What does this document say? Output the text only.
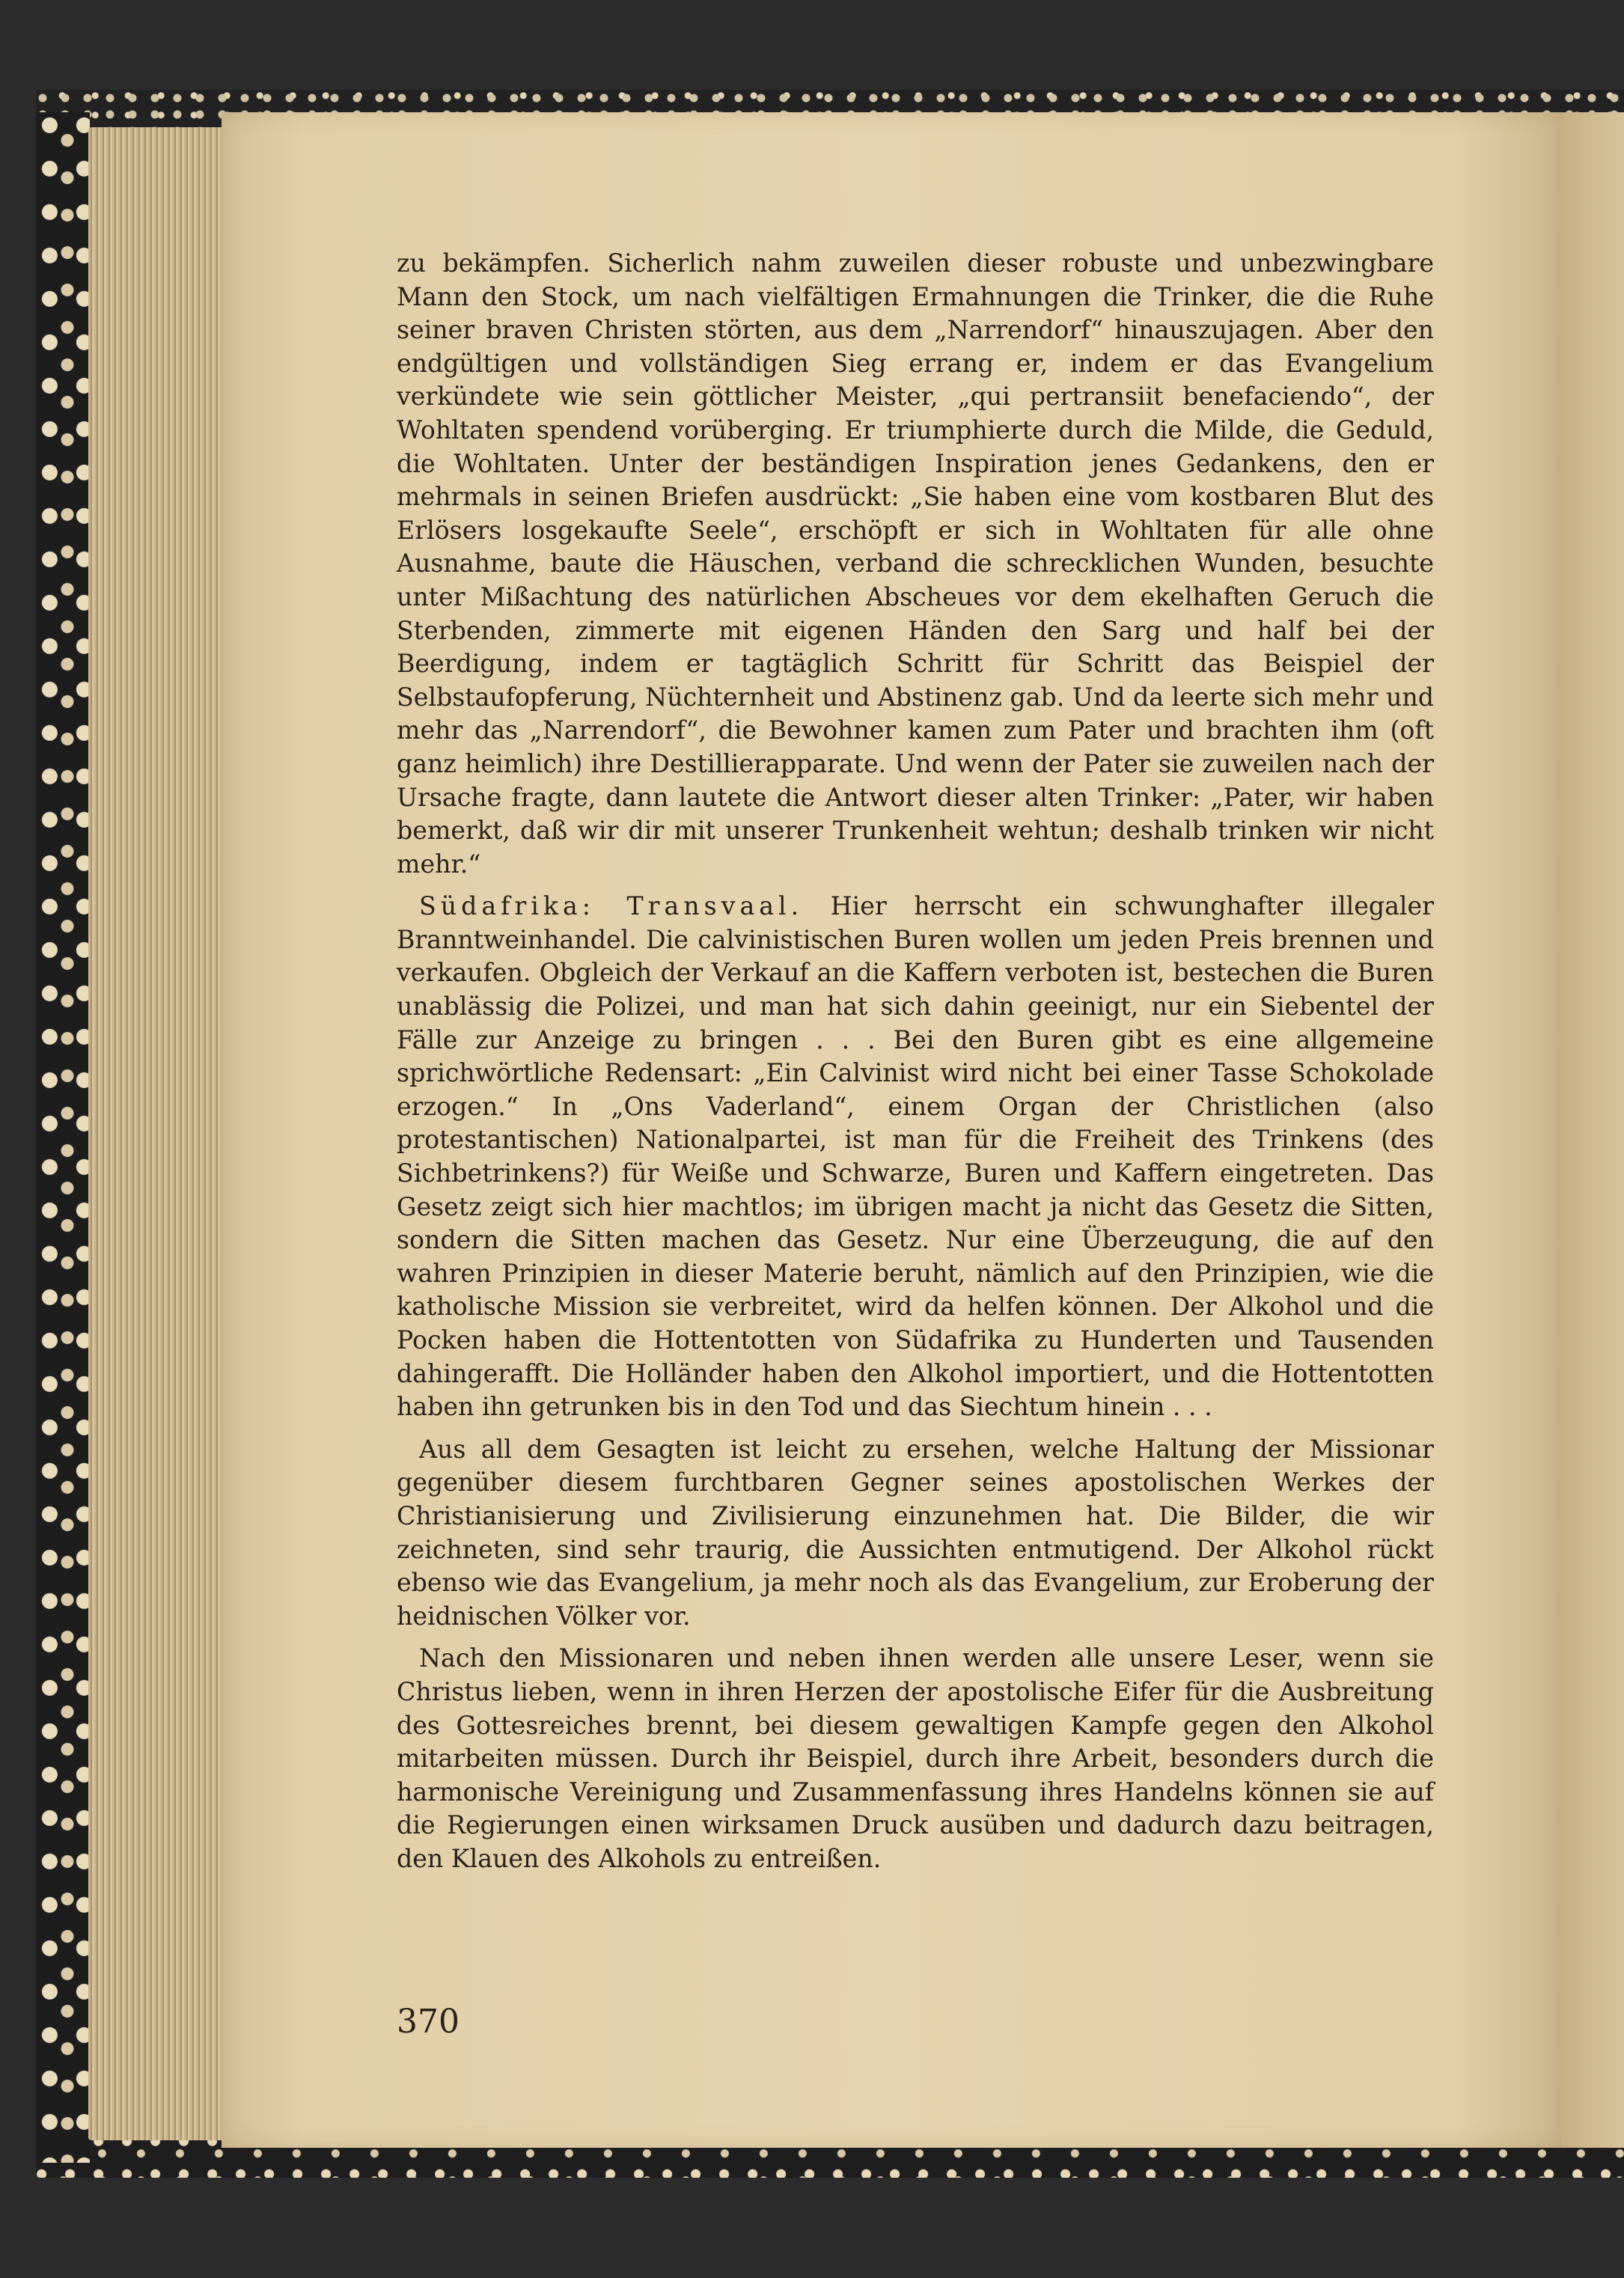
zu bekämpfen. Sicherlich nahm zuweilen dieser robuste und unbezwingbare Mann den Stock, um nach vielfältigen Ermahnungen die Trinker, die die Ruhe seiner braven Christen störten, aus dem „Narrendorf“ hinauszujagen. Aber den endgültigen und vollständigen Sieg errang er, indem er das Evangelium verkündete wie sein göttlicher Meister, „qui pertransiit benefaciendo“, der Wohltaten spendend vorüberging. Er triumphierte durch die Milde, die Geduld, die Wohltaten. Unter der beständigen Inspiration jenes Gedankens, den er mehrmals in seinen Briefen ausdrückt: „Sie haben eine vom kostbaren Blut des Erlösers losgekaufte Seele“, erschöpft er sich in Wohltaten für alle ohne Ausnahme, baute die Häuschen, verband die schrecklichen Wunden, besuchte unter Mißachtung des natürlichen Abscheues vor dem ekelhaften Geruch die Sterbenden, zimmerte mit eigenen Händen den Sarg und half bei der Beerdigung, indem er tagtäglich Schritt für Schritt das Beispiel der Selbstaufopferung, Nüchternheit und Abstinenz gab. Und da leerte sich mehr und mehr das „Narrendorf“, die Bewohner kamen zum Pater und brachten ihm (oft ganz heimlich) ihre Destillierapparate. Und wenn der Pater sie zuweilen nach der Ursache fragte, dann lautete die Antwort dieser alten Trinker: „Pater, wir haben bemerkt, daß wir dir mit unserer Trunkenheit wehtun; deshalb trinken wir nicht mehr.“

Südafrika: Transvaal. Hier herrscht ein schwunghafter illegaler Branntweinhandel. Die calvinistischen Buren wollen um jeden Preis brennen und verkaufen. Obgleich der Verkauf an die Kaffern verboten ist, bestechen die Buren unablässig die Polizei, und man hat sich dahin geeinigt, nur ein Siebentel der Fälle zur Anzeige zu bringen . . . Bei den Buren gibt es eine allgemeine sprichwörtliche Redensart: „Ein Calvinist wird nicht bei einer Tasse Schokolade erzogen.“ In „Ons Vaderland“, einem Organ der Christlichen (also protestantischen) Nationalpartei, ist man für die Freiheit des Trinkens (des Sichbetrinkens?) für Weiße und Schwarze, Buren und Kaffern eingetreten. Das Gesetz zeigt sich hier machtlos; im übrigen macht ja nicht das Gesetz die Sitten, sondern die Sitten machen das Gesetz. Nur eine Überzeugung, die auf den wahren Prinzipien in dieser Materie beruht, nämlich auf den Prinzipien, wie die katholische Mission sie verbreitet, wird da helfen können. Der Alkohol und die Pocken haben die Hottentotten von Südafrika zu Hunderten und Tausenden dahingerafft. Die Holländer haben den Alkohol importiert, und die Hottentotten haben ihn getrunken bis in den Tod und das Siechtum hinein . . .

Aus all dem Gesagten ist leicht zu ersehen, welche Haltung der Missionar gegenüber diesem furchtbaren Gegner seines apostolischen Werkes der Christianisierung und Zivilisierung einzunehmen hat. Die Bilder, die wir zeichneten, sind sehr traurig, die Aussichten entmutigend. Der Alkohol rückt ebenso wie das Evangelium, ja mehr noch als das Evangelium, zur Eroberung der heidnischen Völker vor.

Nach den Missionaren und neben ihnen werden alle unsere Leser, wenn sie Christus lieben, wenn in ihren Herzen der apostolische Eifer für die Ausbreitung des Gottesreiches brennt, bei diesem gewaltigen Kampfe gegen den Alkohol mitarbeiten müssen. Durch ihr Beispiel, durch ihre Arbeit, besonders durch die harmonische Vereinigung und Zusammenfassung ihres Handelns können sie auf die Regierungen einen wirksamen Druck ausüben und dadurch dazu beitragen, den Klauen des Alkohols zu entreißen.

370
